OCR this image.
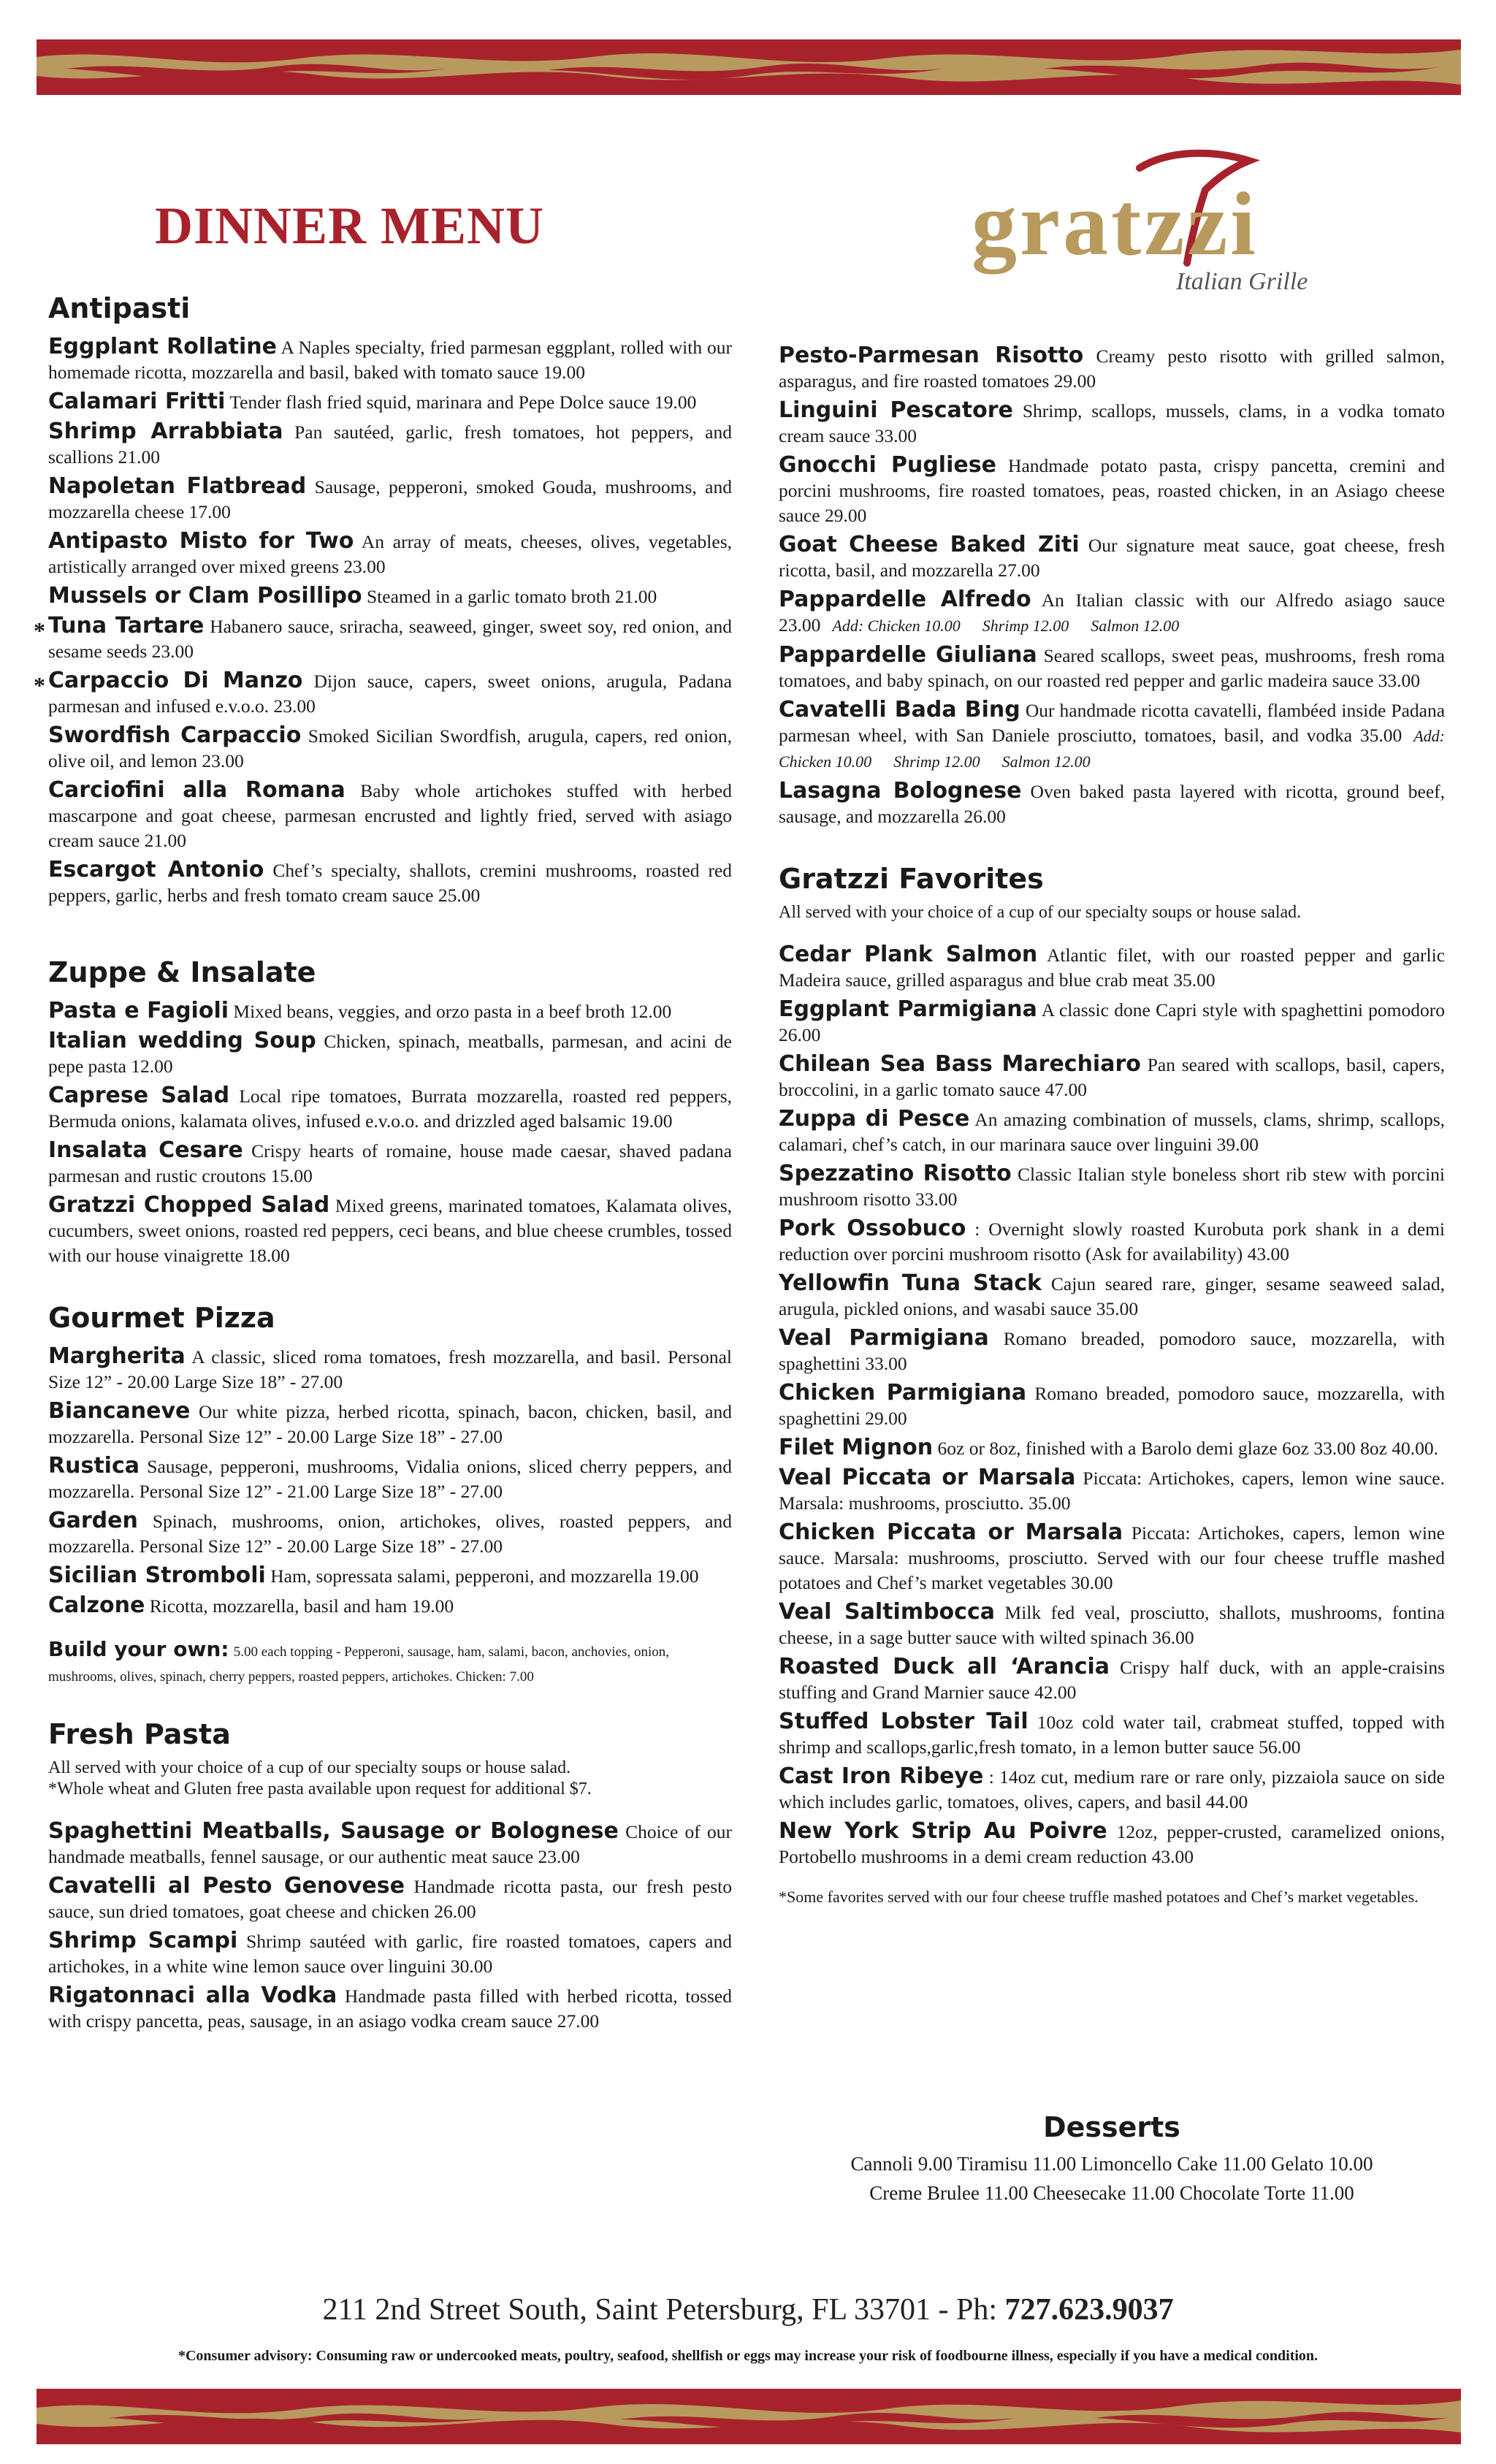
DINNER MENU	gratzzi
Italian Grille
Antipasti

Eggplant Rollatine A Naples specialty, fried parmesan eggplant, rolled with our homemade ricotta, mozzarella and basil, baked with tomato sauce 19.00

Calamari Fritti Tender flash fried squid, marinara and Pepe Dolce sauce 19.00

Shrimp Arrabbiata Pan sautéed, garlic, fresh tomatoes, hot peppers, and scallions 21.00

Napoletan Flatbread Sausage, pepperoni, smoked Gouda, mushrooms, and mozzarella cheese 17.00

Antipasto Misto for Two An array of meats, cheeses, olives, vegetables, artistically arranged over mixed greens 23.00

Mussels or Clam Posillipo Steamed in a garlic tomato broth 21.00

* Tuna Tartare Habanero sauce, sriracha, seaweed, ginger, sweet soy, red onion, and sesame seeds 23.00

* Carpaccio Di Manzo Dijon sauce, capers, sweet onions, arugula, Padana parmesan and infused e.v.o.o. 23.00

Swordfish Carpaccio Smoked Sicilian Swordfish, arugula, capers, red onion, olive oil, and lemon 23.00

Carciofini alla Romana Baby whole artichokes stuffed with herbed mascarpone and goat cheese, parmesan encrusted and lightly fried, served with asiago cream sauce 21.00

Escargot Antonio Chef’s specialty, shallots, cremini mushrooms, roasted red peppers, garlic, herbs and fresh tomato cream sauce 25.00

Zuppe & Insalate

Pasta e Fagioli Mixed beans, veggies, and orzo pasta in a beef broth 12.00

Italian wedding Soup Chicken, spinach, meatballs, parmesan, and acini de pepe pasta 12.00

Caprese Salad Local ripe tomatoes, Burrata mozzarella, roasted red peppers, Bermuda onions, kalamata olives, infused e.v.o.o. and drizzled aged balsamic 19.00

Insalata Cesare Crispy hearts of romaine, house made caesar, shaved padana parmesan and rustic croutons 15.00

Gratzzi Chopped Salad Mixed greens, marinated tomatoes, Kalamata olives, cucumbers, sweet onions, roasted red peppers, ceci beans, and blue cheese crumbles, tossed with our house vinaigrette 18.00

Gourmet Pizza

Margherita A classic, sliced roma tomatoes, fresh mozzarella, and basil. Personal Size 12” - 20.00 Large Size 18” - 27.00

Biancaneve Our white pizza, herbed ricotta, spinach, bacon, chicken, basil, and mozzarella. Personal Size 12” - 20.00 Large Size 18” - 27.00

Rustica Sausage, pepperoni, mushrooms, Vidalia onions, sliced cherry peppers, and mozzarella. Personal Size 12” - 21.00 Large Size 18” - 27.00

Garden Spinach, mushrooms, onion, artichokes, olives, roasted peppers, and mozzarella. Personal Size 12” - 20.00 Large Size 18” - 27.00

Sicilian Stromboli Ham, sopressata salami, pepperoni, and mozzarella 19.00

Calzone Ricotta, mozzarella, basil and ham 19.00

Build your own: 5.00 each topping - Pepperoni, sausage, ham, salami, bacon, anchovies, onion, mushrooms, olives, spinach, cherry peppers, roasted peppers, artichokes. Chicken: 7.00
Fresh Pasta
All served with your choice of a cup of our specialty soups or house salad.
*Whole wheat and Gluten free pasta available upon request for additional $7.

Spaghettini Meatballs, Sausage or Bolognese Choice of our handmade meatballs, fennel sausage, or our authentic meat sauce 23.00

Cavatelli al Pesto Genovese Handmade ricotta pasta, our fresh pesto sauce, sun dried tomatoes, goat cheese and chicken 26.00

Shrimp Scampi Shrimp sautéed with garlic, fire roasted tomatoes, capers and artichokes, in a white wine lemon sauce over linguini 30.00

Rigatonnaci alla Vodka Handmade pasta filled with herbed ricotta, tossed with crispy pancetta, peas, sausage, in an asiago vodka cream sauce 27.00

Pesto-Parmesan Risotto Creamy pesto risotto with grilled salmon, asparagus, and fire roasted tomatoes 29.00

Linguini Pescatore Shrimp, scallops, mussels, clams, in a vodka tomato cream sauce 33.00

Gnocchi Pugliese Handmade potato pasta, crispy pancetta, cremini and porcini mushrooms, fire roasted tomatoes, peas, roasted chicken, in an Asiago cheese sauce 29.00

Goat Cheese Baked Ziti Our signature meat sauce, goat cheese, fresh ricotta, basil, and mozzarella 27.00

Pappardelle Alfredo An Italian classic with our Alfredo asiago sauce 23.00 Add: Chicken 10.00 Shrimp 12.00 Salmon 12.00

Pappardelle Giuliana Seared scallops, sweet peas, mushrooms, fresh roma tomatoes, and baby spinach, on our roasted red pepper and garlic madeira sauce 33.00

Cavatelli Bada Bing Our handmade ricotta cavatelli, flambéed inside Padana parmesan wheel, with San Daniele prosciutto, tomatoes, basil, and vodka 35.00 Add: Chicken 10.00 Shrimp 12.00 Salmon 12.00

Lasagna Bolognese Oven baked pasta layered with ricotta, ground beef, sausage, and mozzarella 26.00

Gratzzi Favorites
All served with your choice of a cup of our specialty soups or house salad.

Cedar Plank Salmon Atlantic filet, with our roasted pepper and garlic Madeira sauce, grilled asparagus and blue crab meat 35.00

Eggplant Parmigiana A classic done Capri style with spaghettini pomodoro 26.00

Chilean Sea Bass Marechiaro Pan seared with scallops, basil, capers, broccolini, in a garlic tomato sauce 47.00

Zuppa di Pesce An amazing combination of mussels, clams, shrimp, scallops, calamari, chef’s catch, in our marinara sauce over linguini 39.00

Spezzatino Risotto Classic Italian style boneless short rib stew with porcini mushroom risotto 33.00

Pork Ossobuco : Overnight slowly roasted Kurobuta pork shank in a demi reduction over porcini mushroom risotto (Ask for availability) 43.00

Yellowfin Tuna Stack Cajun seared rare, ginger, sesame seaweed salad, arugula, pickled onions, and wasabi sauce 35.00

Veal Parmigiana Romano breaded, pomodoro sauce, mozzarella, with spaghettini 33.00

Chicken Parmigiana Romano breaded, pomodoro sauce, mozzarella, with spaghettini 29.00

Filet Mignon 6oz or 8oz, finished with a Barolo demi glaze 6oz 33.00 8oz 40.00.

Veal Piccata or Marsala Piccata: Artichokes, capers, lemon wine sauce. Marsala: mushrooms, prosciutto. 35.00

Chicken Piccata or Marsala Piccata: Artichokes, capers, lemon wine sauce. Marsala: mushrooms, prosciutto. Served with our four cheese truffle mashed potatoes and Chef’s market vegetables 30.00

Veal Saltimbocca Milk fed veal, prosciutto, shallots, mushrooms, fontina cheese, in a sage butter sauce with wilted spinach 36.00

Roasted Duck all ‘Arancia Crispy half duck, with an apple-craisins stuffing and Grand Marnier sauce 42.00

Stuffed Lobster Tail 10oz cold water tail, crabmeat stuffed, topped with shrimp and scallops,garlic,fresh tomato, in a lemon butter sauce 56.00

Cast Iron Ribeye : 14oz cut, medium rare or rare only, pizzaiola sauce on side which includes garlic, tomatoes, olives, capers, and basil 44.00

New York Strip Au Poivre 12oz, pepper-crusted, caramelized onions, Portobello mushrooms in a demi cream reduction 43.00

*Some favorites served with our four cheese truffle mashed potatoes and Chef’s market vegetables.
Desserts
Cannoli 9.00 Tiramisu 11.00 Limoncello Cake 11.00 Gelato 10.00
Creme Brulee 11.00 Cheesecake 11.00 Chocolate Torte 11.00
211 2nd Street South, Saint Petersburg, FL 33701 - Ph: 727.623.9037
*Consumer advisory: Consuming raw or undercooked meats, poultry, seafood, shellfish or eggs may increase your risk of foodbourne illness, especially if you have a medical condition.
